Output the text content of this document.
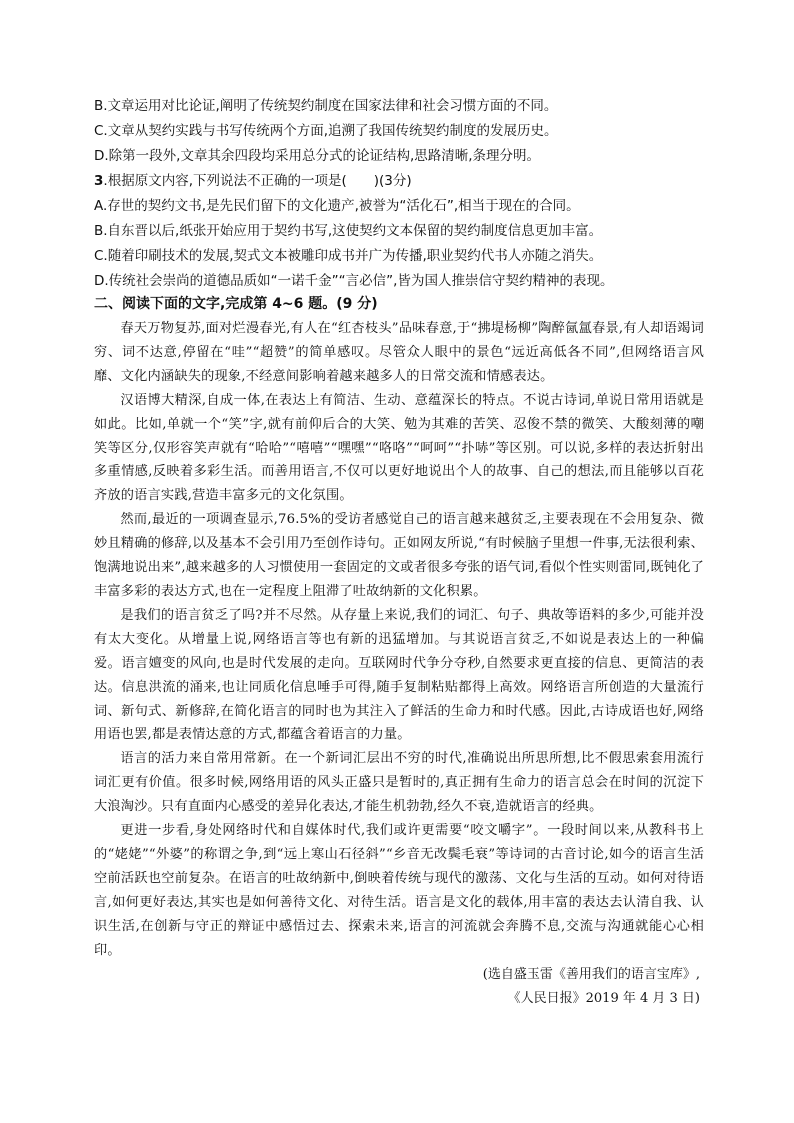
B.文章运用对比论证,阐明了传统契约制度在国家法律和社会习惯方面的不同。
C.文章从契约实践与书写传统两个方面,追溯了我国传统契约制度的发展历史。
D.除第一段外,文章其余四段均采用总分式的论证结构,思路清晰,条理分明。
3.根据原文内容,下列说法不正确的一项是(　　)(3分)
A.存世的契约文书,是先民们留下的文化遗产,被誉为“活化石”,相当于现在的合同。
B.自东晋以后,纸张开始应用于契约书写,这使契约文本保留的契约制度信息更加丰富。
C.随着印刷技术的发展,契式文本被雕印成书并广为传播,职业契约代书人亦随之消失。
D.传统社会崇尚的道德品质如“一诺千金”“言必信”,皆为国人推崇信守契约精神的表现。
二、阅读下面的文字,完成第 4~6 题。(9 分)

春天万物复苏,面对烂漫春光,有人在“红杏枝头”品味春意,于“拂堤杨柳”陶醉氤氲春景,有人却语竭词穷、词不达意,停留在“哇”“超赞”的简单感叹。尽管众人眼中的景色“远近高低各不同”,但网络语言风靡、文化内涵缺失的现象,不经意间影响着越来越多人的日常交流和情感表达。

汉语博大精深,自成一体,在表达上有简洁、生动、意蕴深长的特点。不说古诗词,单说日常用语就是如此。比如,单就一个“笑”字,就有前仰后合的大笑、勉为其难的苦笑、忍俊不禁的微笑、大酸刻薄的嘲笑等区分,仅形容笑声就有“哈哈”“嘻嘻”“嘿嘿”“咯咯”“呵呵”“扑哧”等区别。可以说,多样的表达折射出多重情感,反映着多彩生活。而善用语言,不仅可以更好地说出个人的故事、自己的想法,而且能够以百花齐放的语言实践,营造丰富多元的文化氛围。

然而,最近的一项调查显示,76.5%的受访者感觉自己的语言越来越贫乏,主要表现在不会用复杂、微妙且精确的修辞,以及基本不会引用乃至创作诗句。正如网友所说,“有时候脑子里想一件事,无法很利索、饱满地说出来”,越来越多的人习惯使用一套固定的文或者很多夸张的语气词,看似个性实则雷同,既钝化了丰富多彩的表达方式,也在一定程度上阻滞了吐故纳新的文化积累。

是我们的语言贫乏了吗?并不尽然。从存量上来说,我们的词汇、句子、典故等语料的多少,可能并没有太大变化。从增量上说,网络语言等也有新的迅猛增加。与其说语言贫乏,不如说是表达上的一种偏爱。语言嬗变的风向,也是时代发展的走向。互联网时代争分夺秒,自然要求更直接的信息、更简洁的表达。信息洪流的涌来,也让同质化信息唾手可得,随手复制粘贴都得上高效。网络语言所创造的大量流行词、新句式、新修辞,在简化语言的同时也为其注入了鲜活的生命力和时代感。因此,古诗成语也好,网络用语也罢,都是表情达意的方式,都蕴含着语言的力量。

语言的活力来自常用常新。在一个新词汇层出不穷的时代,准确说出所思所想,比不假思索套用流行词汇更有价值。很多时候,网络用语的风头正盛只是暂时的,真正拥有生命力的语言总会在时间的沉淀下大浪淘沙。只有直面内心感受的差异化表达,才能生机勃勃,经久不衰,造就语言的经典。

更进一步看,身处网络时代和自媒体时代,我们或许更需要“咬文嚼字”。一段时间以来,从教科书上的“姥姥”“外婆”的称谓之争,到“远上寒山石径斜”“乡音无改鬓毛衰”等诗词的古音讨论,如今的语言生活空前活跃也空前复杂。在语言的吐故纳新中,倒映着传统与现代的激荡、文化与生活的互动。如何对待语言,如何更好表达,其实也是如何善待文化、对待生活。语言是文化的载体,用丰富的表达去认清自我、认识生活,在创新与守正的辩证中感悟过去、探索未来,语言的河流就会奔腾不息,交流与沟通就能心心相印。

(选自盛玉雷《善用我们的语言宝库》,
《人民日报》2019 年 4 月 3 日)
